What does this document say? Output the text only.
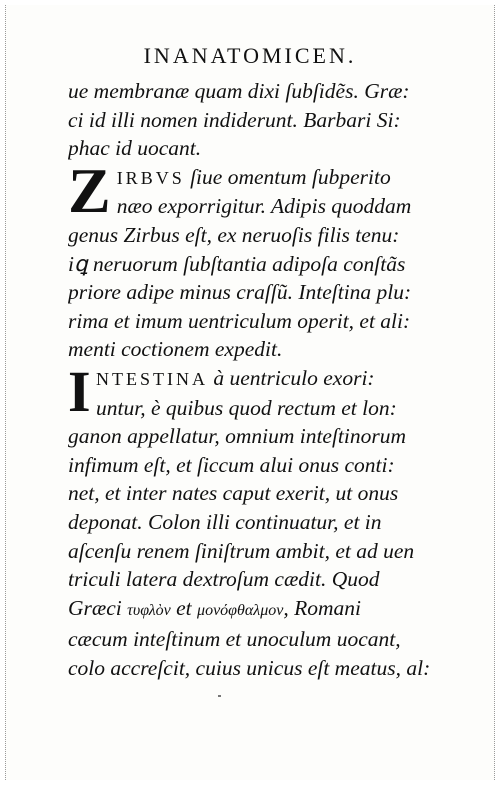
INANATOMICEN.
ue membranæ quam dixi ſubſidẽs. Græ:
ci id illi nomen indiderunt. Barbari Si:
phac id uocant.
Z IRBVS ſiue omentum ſubperito
næo exporrigitur. Adipis quoddam
genus Zirbus eſt, ex neruoſis filis tenu:
iꝗ neruorum ſubſtantia adipoſa conſtãs
priore adipe minus craſſũ. Inteſtina plu:
rima et imum uentriculum operit, et ali:
menti coctionem expedit.
I NTESTINA à uentriculo exori:
untur, è quibus quod rectum et lon:
ganon appellatur, omnium inteſtinorum
infimum eſt, et ſiccum alui onus conti:
net, et inter nates caput exerit, ut onus
deponat. Colon illi continuatur, et in
aſcenſu renem ſiniſtrum ambit, et ad uen
triculi latera dextroſum cædit. Quod
Græci τυφλὸν et μονόφθαλμον, Romani
cæcum inteſtinum et unoculum uocant,
colo accreſcit, cuius unicus eſt meatus, al:
